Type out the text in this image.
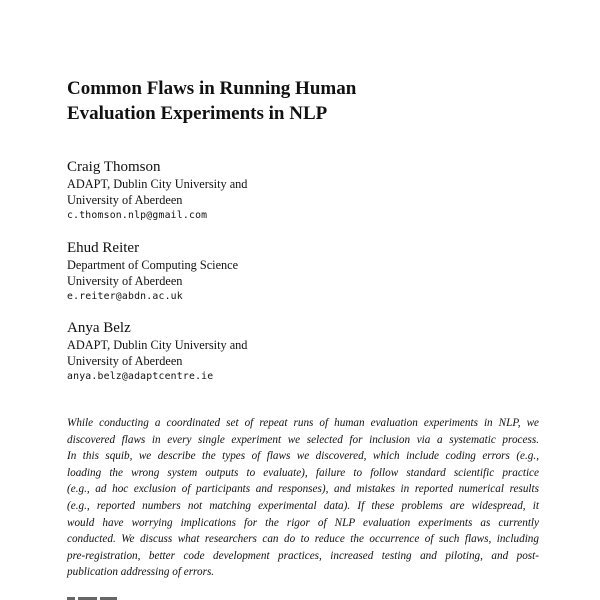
Common Flaws in Running Human
Evaluation Experiments in NLP
Craig Thomson
ADAPT, Dublin City University and
University of Aberdeen
c.thomson.nlp@gmail.com
Ehud Reiter
Department of Computing Science
University of Aberdeen
e.reiter@abdn.ac.uk
Anya Belz
ADAPT, Dublin City University and
University of Aberdeen
anya.belz@adaptcentre.ie
While conducting a coordinated set of repeat runs of human evaluation experiments in NLP, we
discovered flaws in every single experiment we selected for inclusion via a systematic process.
In this squib, we describe the types of flaws we discovered, which include coding errors (e.g.,
loading the wrong system outputs to evaluate), failure to follow standard scientific practice
(e.g., ad hoc exclusion of participants and responses), and mistakes in reported numerical results
(e.g., reported numbers not matching experimental data). If these problems are widespread, it
would have worrying implications for the rigor of NLP evaluation experiments as currently
conducted. We discuss what researchers can do to reduce the occurrence of such flaws, including
pre-registration, better code development practices, increased testing and piloting, and post-
publication addressing of errors.
